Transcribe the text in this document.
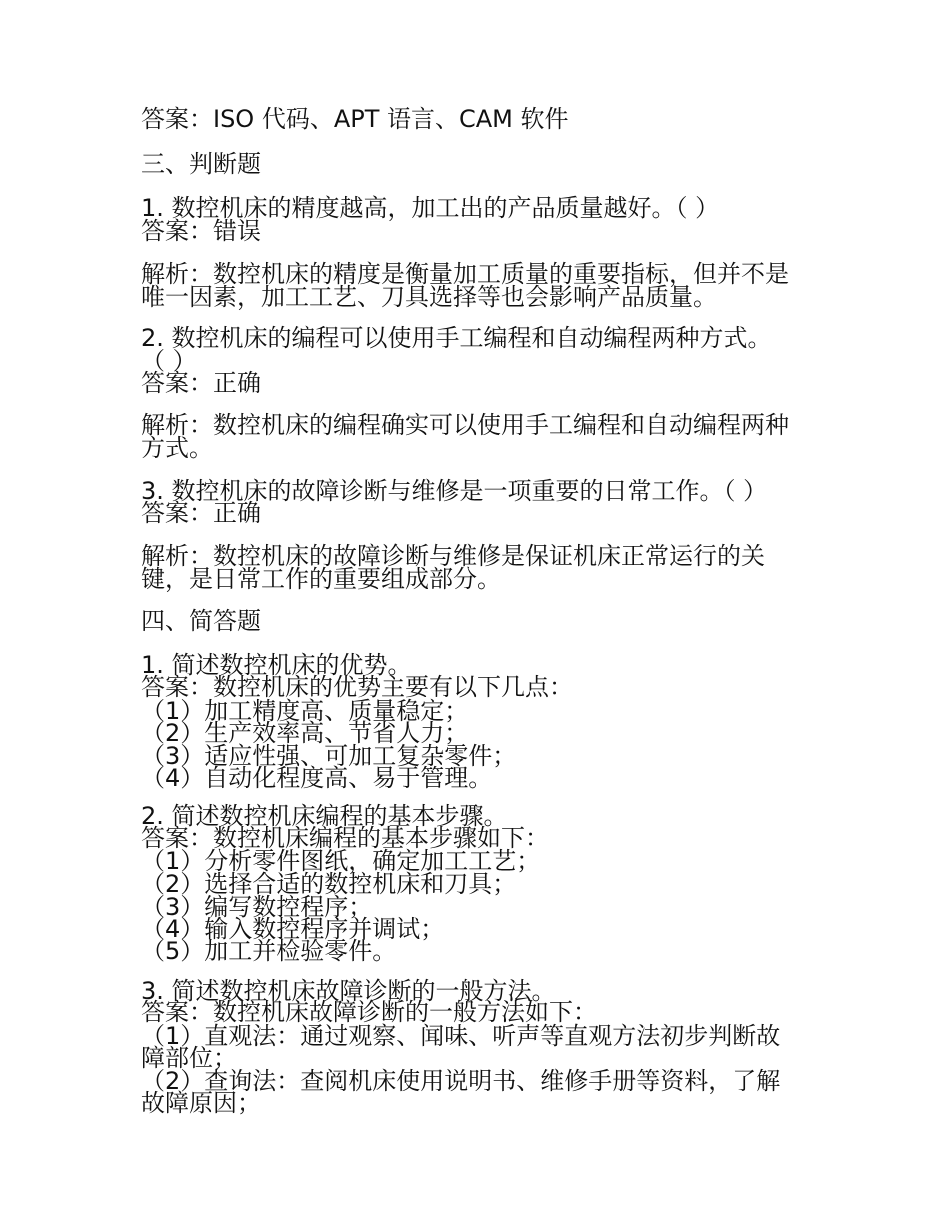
答案：ISO 代码、APT 语言、CAM 软件

三、判断题

1. 数控机床的精度越高，加工出的产品质量越好。（ ）

答案：错误

解析：数控机床的精度是衡量加工质量的重要指标，但并不是

唯一因素，加工工艺、刀具选择等也会影响产品质量。

2. 数控机床的编程可以使用手工编程和自动编程两种方式。

（ ）

答案：正确

解析：数控机床的编程确实可以使用手工编程和自动编程两种

方式。

3. 数控机床的故障诊断与维修是一项重要的日常工作。（ ）

答案：正确

解析：数控机床的故障诊断与维修是保证机床正常运行的关

键，是日常工作的重要组成部分。

四、简答题

1. 简述数控机床的优势。

答案：数控机床的优势主要有以下几点：

（1）加工精度高、质量稳定；

（2）生产效率高、节省人力；

（3）适应性强、可加工复杂零件；

（4）自动化程度高、易于管理。

2. 简述数控机床编程的基本步骤。

答案：数控机床编程的基本步骤如下：

（1）分析零件图纸，确定加工工艺；

（2）选择合适的数控机床和刀具；

（3）编写数控程序；

（4）输入数控程序并调试；

（5）加工并检验零件。

3. 简述数控机床故障诊断的一般方法。

答案：数控机床故障诊断的一般方法如下：

（1）直观法：通过观察、闻味、听声等直观方法初步判断故

障部位；

（2）查询法：查阅机床使用说明书、维修手册等资料，了解

故障原因；
